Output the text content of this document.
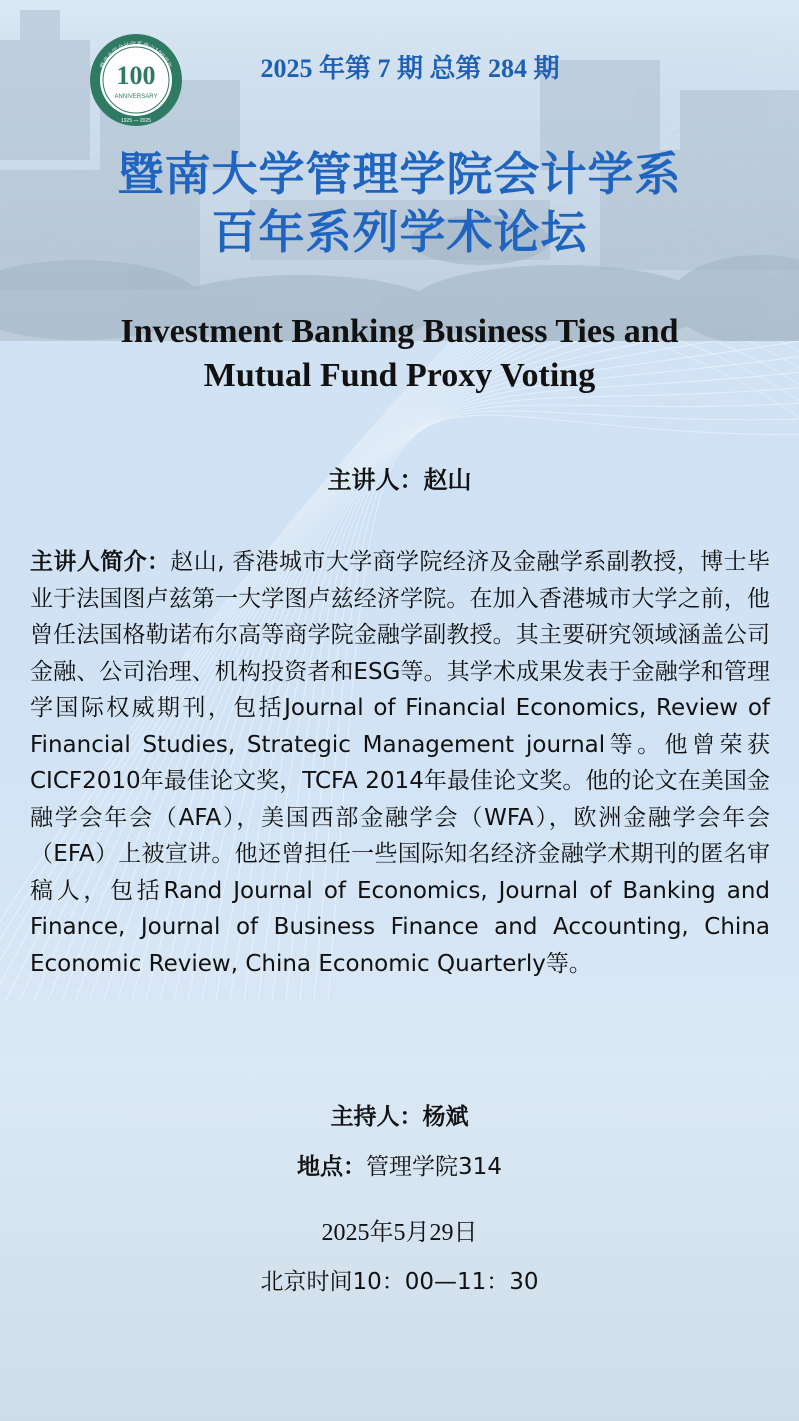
100
ANNIVERSARY
1925 — 2025
暨南大学会计学系成立100周年	2025 年第 7 期 总第 284 期
暨南大学管理学院会计学系
百年系列学术论坛
Investment Banking Business Ties and
Mutual Fund Proxy Voting
主讲人：赵山
主讲人简介：赵山, 香港城市大学商学院经济及金融学系副教授，博士毕业于法国图卢兹第一大学图卢兹经济学院。在加入香港城市大学之前，他曾任法国格勒诺布尔高等商学院金融学副教授。其主要研究领域涵盖公司金融、公司治理、机构投资者和ESG等。其学术成果发表于金融学和管理学国际权威期刊，包括Journal of Financial Economics, Review of Financial Studies, Strategic Management journal等。他曾荣获CICF2010年最佳论文奖，TCFA 2014年最佳论文奖。他的论文在美国金融学会年会（AFA），美国西部金融学会（WFA），欧洲金融学会年会（EFA）上被宣讲。他还曾担任一些国际知名经济金融学术期刊的匿名审稿人，包括Rand Journal of Economics, Journal of Banking and Finance, Journal of Business Finance and Accounting, China Economic Review, China Economic Quarterly等。
主持人：杨斌
地点：管理学院314
2025年5月29日
北京时间10：00—11：30
